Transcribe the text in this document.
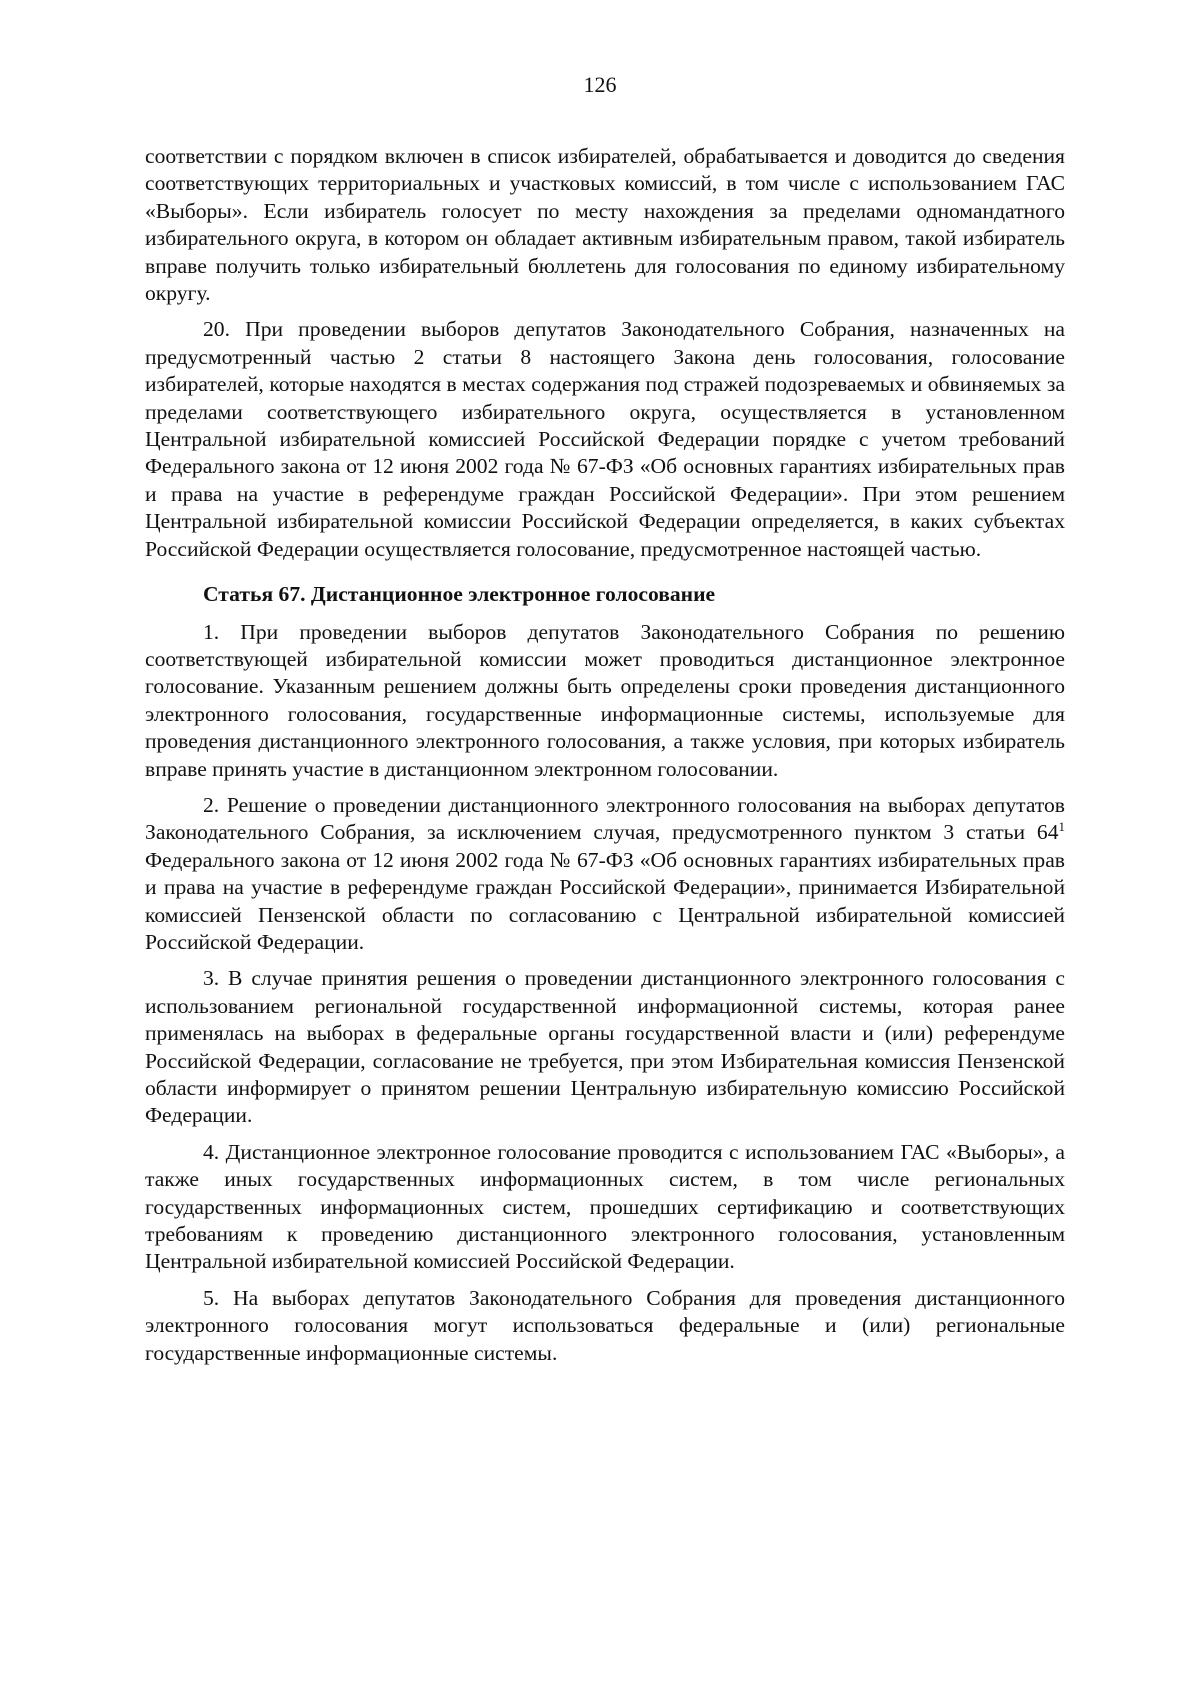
126

соответствии с порядком включен в список избирателей, обрабатывается и доводится до сведения соответствующих территориальных и участковых комиссий, в том числе с использованием ГАС «Выборы». Если избиратель голосует по месту нахождения за пределами одномандатного избирательного округа, в котором он обладает активным избирательным правом, такой избиратель вправе получить только избирательный бюллетень для голосования по единому избирательному округу.

20. При проведении выборов депутатов Законодательного Собрания, назначенных на предусмотренный частью 2 статьи 8 настоящего Закона день голосования, голосование избирателей, которые находятся в местах содержания под стражей подозреваемых и обвиняемых за пределами соответствующего избирательного округа, осуществляется в установленном Центральной избирательной комиссией Российской Федерации порядке с учетом требований Федерального закона от 12 июня 2002 года № 67-ФЗ «Об основных гарантиях избирательных прав и права на участие в референдуме граждан Российской Федерации». При этом решением Центральной избирательной комиссии Российской Федерации определяется, в каких субъектах Российской Федерации осуществляется голосование, предусмотренное настоящей частью.

Статья 67. Дистанционное электронное голосование

1. При проведении выборов депутатов Законодательного Собрания по решению соответствующей избирательной комиссии может проводиться дистанционное электронное голосование. Указанным решением должны быть определены сроки проведения дистанционного электронного голосования, государственные информационные системы, используемые для проведения дистанционного электронного голосования, а также условия, при которых избиратель вправе принять участие в дистанционном электронном голосовании.

2. Решение о проведении дистанционного электронного голосования на выборах депутатов Законодательного Собрания, за исключением случая, предусмотренного пунктом 3 статьи $64^1$ Федерального закона от 12 июня 2002 года № 67-ФЗ «Об основных гарантиях избирательных прав и права на участие в референдуме граждан Российской Федерации», принимается Избирательной комиссией Пензенской области по согласованию с Центральной избирательной комиссией Российской Федерации.

3. В случае принятия решения о проведении дистанционного электронного голосования с использованием региональной государственной информационной системы, которая ранее применялась на выборах в федеральные органы государственной власти и (или) референдуме Российской Федерации, согласование не требуется, при этом Избирательная комиссия Пензенской области информирует о принятом решении Центральную избирательную комиссию Российской Федерации.

4. Дистанционное электронное голосование проводится с использованием ГАС «Выборы», а также иных государственных информационных систем, в том числе региональных государственных информационных систем, прошедших сертификацию и соответствующих требованиям к проведению дистанционного электронного голосования, установленным Центральной избирательной комиссией Российской Федерации.

5. На выборах депутатов Законодательного Собрания для проведения дистанционного электронного голосования могут использоваться федеральные и (или) региональные государственные информационные системы.
